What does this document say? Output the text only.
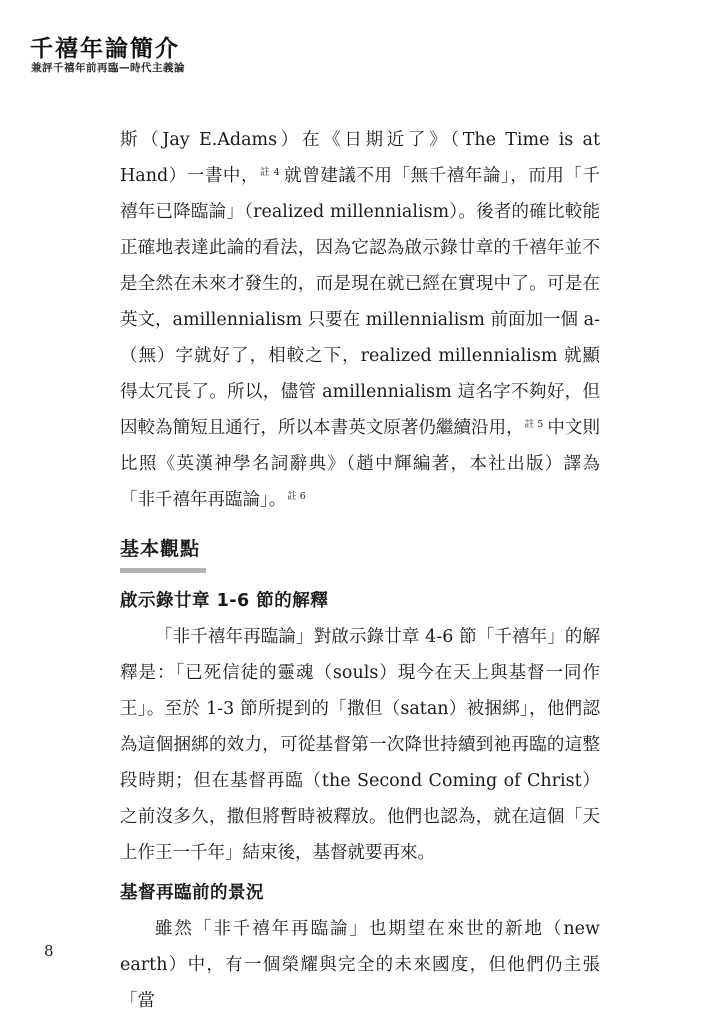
千禧年論簡介
兼評千禧年前再臨—時代主義論

斯（Jay E.Adams）在《日期近了》（The Time is at Hand）一書中，$^{註 4}$ 就曾建議不用「無千禧年論」，而用「千禧年已降臨論」（realized millennialism）。後者的確比較能正確地表達此論的看法，因為它認為啟示錄廿章的千禧年並不是全然在未來才發生的，而是現在就已經在實現中了。可是在英文，amillennialism 只要在 millennialism 前面加一個 a-（無）字就好了，相較之下，realized millennialism 就顯得太冗長了。所以，儘管 amillennialism 這名字不夠好，但因較為簡短且通行，所以本書英文原著仍繼續沿用，$^{註 5}$ 中文則比照《英漢神學名詞辭典》（趙中輝編著，本社出版）譯為「非千禧年再臨論」。$^{註 6}$

基本觀點
啟示錄廿章 1-6 節的解釋

「非千禧年再臨論」對啟示錄廿章 4-6 節「千禧年」的解釋是：「已死信徒的靈魂（souls）現今在天上與基督一同作王」。至於 1-3 節所提到的「撒但（satan）被捆綁」，他們認為這個捆綁的效力，可從基督第一次降世持續到祂再臨的這整段時期；但在基督再臨（the Second Coming of Christ）之前沒多久，撒但將暫時被釋放。他們也認為，就在這個「天上作王一千年」結束後，基督就要再來。

基督再臨前的景況

雖然「非千禧年再臨論」也期望在來世的新地（new earth）中，有一個榮耀與完全的未來國度，但他們仍主張「當

8
